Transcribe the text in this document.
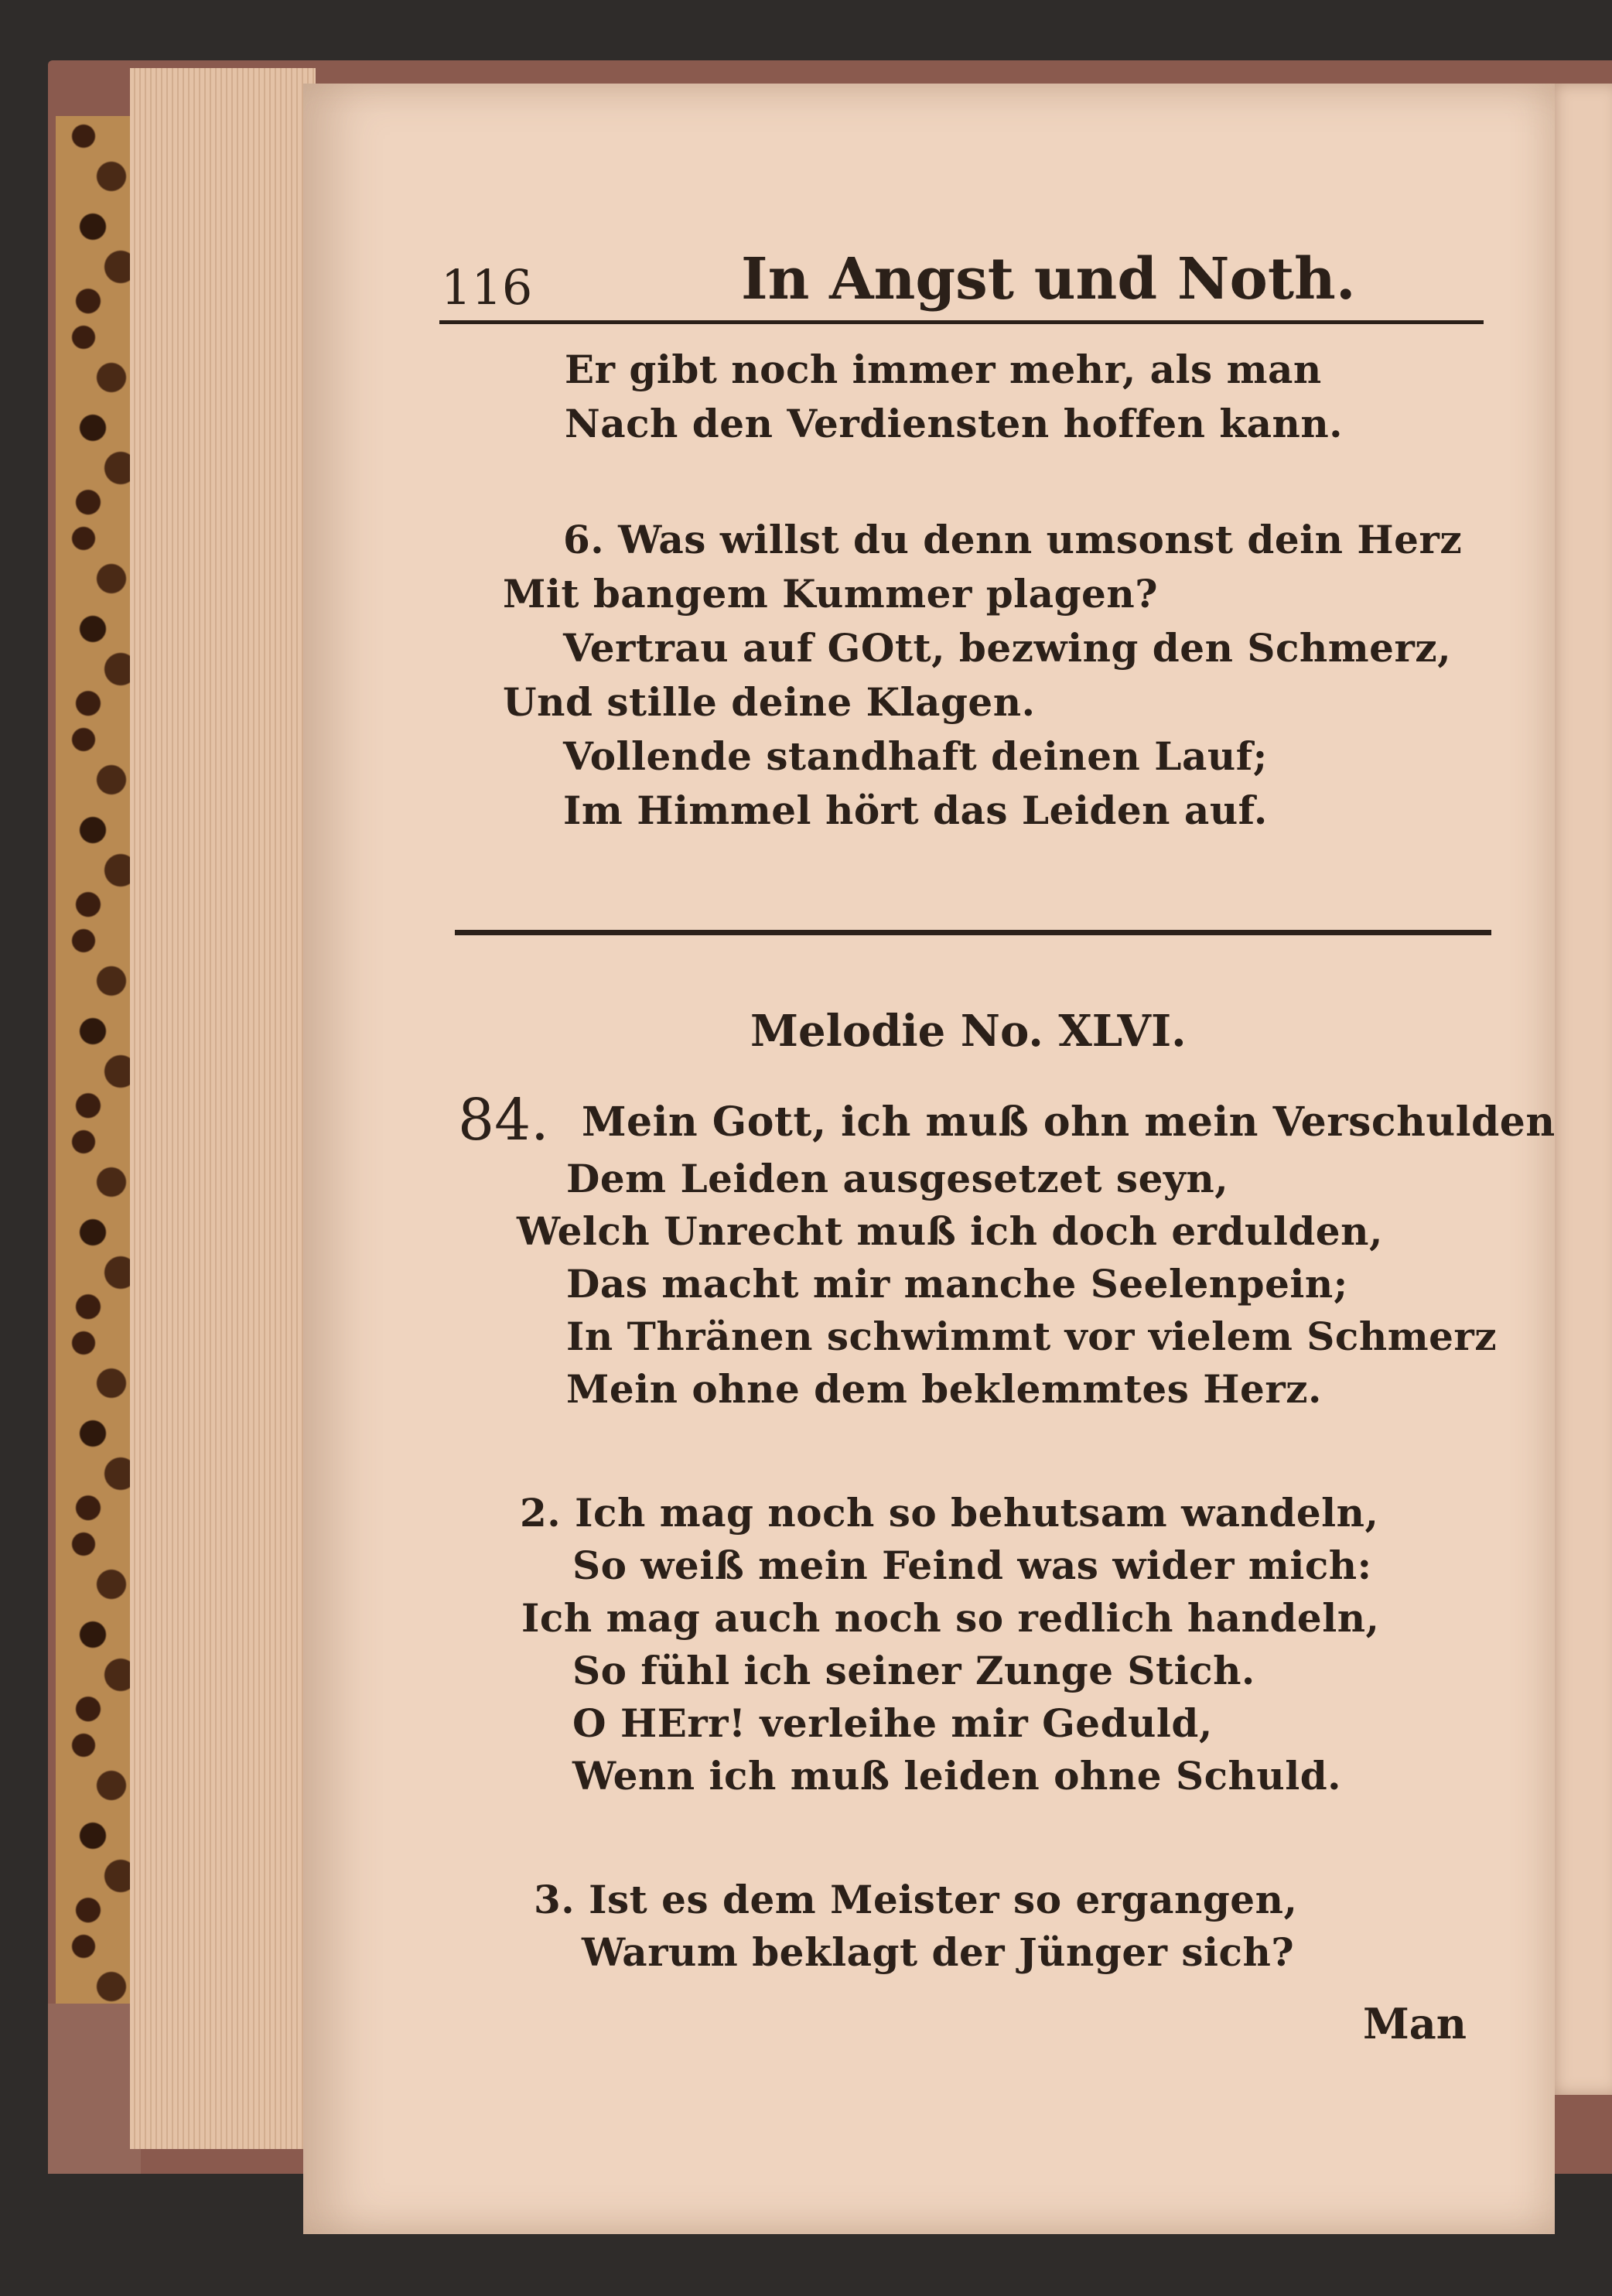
116	In Angst und Noth.
Er gibt noch immer mehr, als man
Nach den Verdiensten hoffen kann.
6. Was willst du denn umsonst dein Herz
Mit bangem Kummer plagen?
Vertrau auf GOtt, bezwing den Schmerz,
Und stille deine Klagen.
Vollende standhaft deinen Lauf;
Im Himmel hört das Leiden auf.
Melodie No. XLVI.
84. Mein Gott, ich muß ohn mein Verschulden
Dem Leiden ausgesetzet seyn,
Welch Unrecht muß ich doch erdulden,
Das macht mir manche Seelenpein;
In Thränen schwimmt vor vielem Schmerz
Mein ohne dem beklemmtes Herz.
2. Ich mag noch so behutsam wandeln,
So weiß mein Feind was wider mich:
Ich mag auch noch so redlich handeln,
So fühl ich seiner Zunge Stich.
O HErr! verleihe mir Geduld,
Wenn ich muß leiden ohne Schuld.
3. Ist es dem Meister so ergangen,
Warum beklagt der Jünger sich?
Man
